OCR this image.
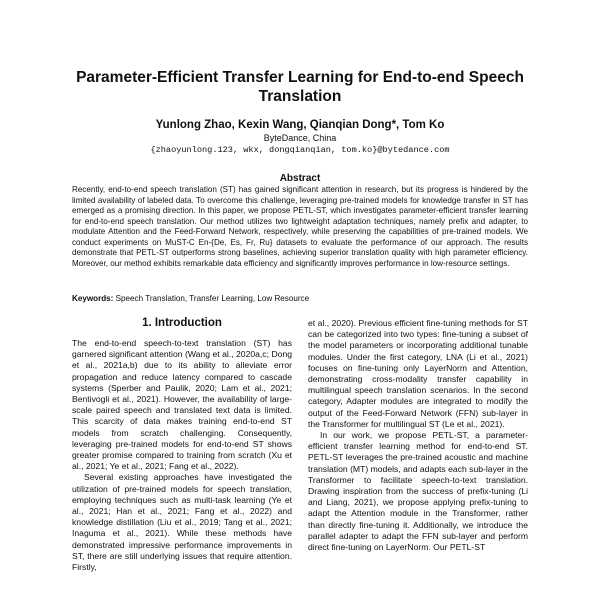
Parameter-Efficient Transfer Learning for End-to-end Speech Translation
Yunlong Zhao, Kexin Wang, Qianqian Dong*, Tom Ko
ByteDance, China
{zhaoyunlong.123, wkx, dongqianqian, tom.ko}@bytedance.com
Abstract
Recently, end-to-end speech translation (ST) has gained significant attention in research, but its progress is hindered by the limited availability of labeled data. To overcome this challenge, leveraging pre-trained models for knowledge transfer in ST has emerged as a promising direction. In this paper, we propose PETL-ST, which investigates parameter-efficient transfer learning for end-to-end speech translation. Our method utilizes two lightweight adaptation techniques, namely prefix and adapter, to modulate Attention and the Feed-Forward Network, respectively, while preserving the capabilities of pre-trained models. We conduct experiments on MuST-C En-{De, Es, Fr, Ru} datasets to evaluate the performance of our approach. The results demonstrate that PETL-ST outperforms strong baselines, achieving superior translation quality with high parameter efficiency. Moreover, our method exhibits remarkable data efficiency and significantly improves performance in low-resource settings.
Keywords: Speech Translation, Transfer Learning, Low Resource
1. Introduction

The end-to-end speech-to-text translation (ST) has garnered significant attention (Wang et al., 2020a,c; Dong et al., 2021a,b) due to its ability to alleviate error propagation and reduce latency compared to cascade systems (Sperber and Paulik, 2020; Lam et al., 2021; Bentivogli et al., 2021). However, the availability of large-scale paired speech and translated text data is limited. This scarcity of data makes training end-to-end ST models from scratch challenging. Consequently, leveraging pre-trained models for end-to-end ST shows greater promise compared to training from scratch (Xu et al., 2021; Ye et al., 2021; Fang et al., 2022).

Several existing approaches have investigated the utilization of pre-trained models for speech translation, employing techniques such as multi-task learning (Ye et al., 2021; Han et al., 2021; Fang et al., 2022) and knowledge distillation (Liu et al., 2019; Tang et al., 2021; Inaguma et al., 2021). While these methods have demonstrated impressive performance improvements in ST, there are still underlying issues that require attention. Firstly,

et al., 2020). Previous efficient fine-tuning methods for ST can be categorized into two types: fine-tuning a subset of the model parameters or incorporating additional tunable modules. Under the first category, LNA (Li et al., 2021) focuses on fine-tuning only LayerNorm and Attention, demonstrating cross-modality transfer capability in multilingual speech translation scenarios. In the second category, Adapter modules are integrated to modify the output of the Feed-Forward Network (FFN) sub-layer in the Transformer for multilingual ST (Le et al., 2021).

In our work, we propose PETL-ST, a parameter-efficient transfer learning method for end-to-end ST. PETL-ST leverages the pre-trained acoustic and machine translation (MT) models, and adapts each sub-layer in the Transformer to facilitate speech-to-text translation. Drawing inspiration from the success of prefix-tuning (Li and Liang, 2021), we propose applying prefix-tuning to adapt the Attention module in the Transformer, rather than directly fine-tuning it. Additionally, we introduce the parallel adapter to adapt the FFN sub-layer and perform direct fine-tuning on LayerNorm. Our PETL-ST
